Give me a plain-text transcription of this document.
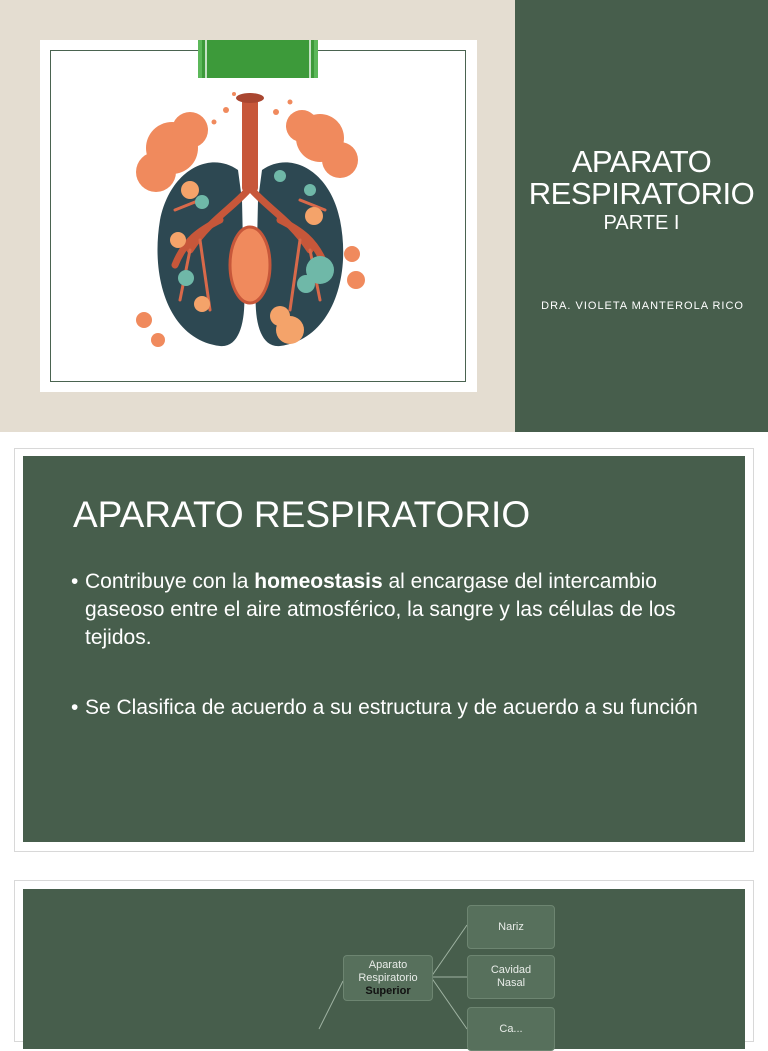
APARATO
RESPIRATORIO
PARTE I
DRA. VIOLETA MANTEROLA RICO
APARATO RESPIRATORIO
• Contribuye con la homeostasis al encargase del intercambio gaseoso entre el aire atmosférico, la sangre y las células de los tejidos.
• Se Clasifica de acuerdo a su estructura y de acuerdo a su función
Aparato
Respiratorio
Superior
Nariz
Cavidad
Nasal
Ca...
